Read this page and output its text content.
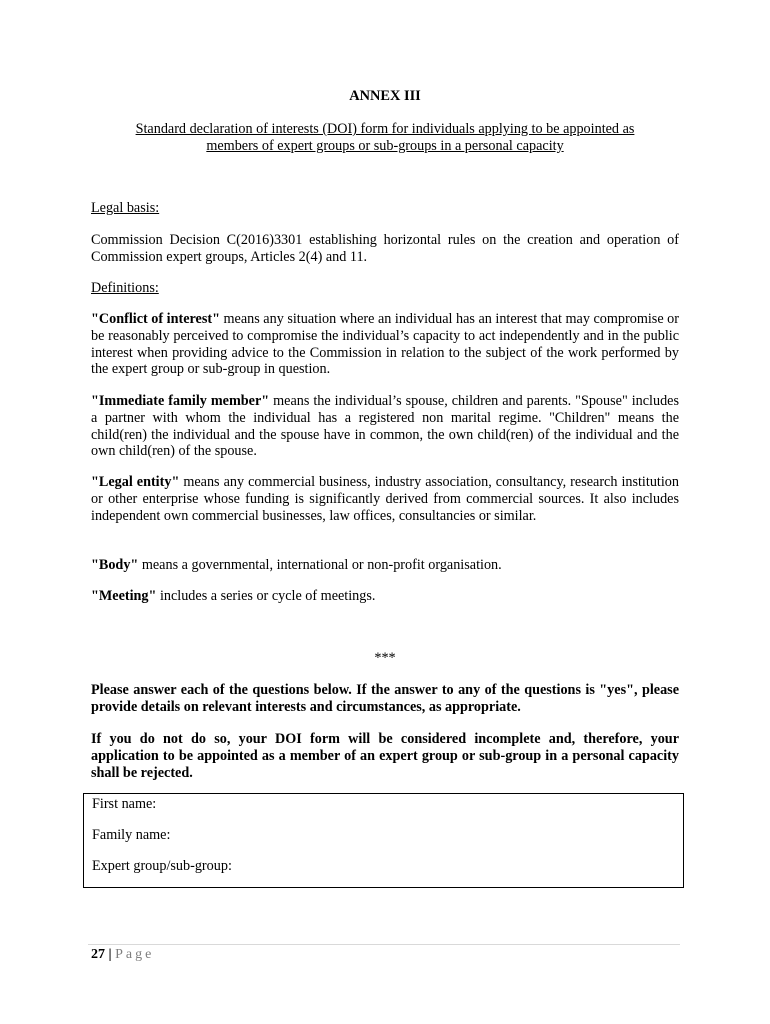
ANNEX III
Standard declaration of interests (DOI) form for individuals applying to be appointed as
members of expert groups or sub-groups in a personal capacity
Legal basis:

Commission Decision C(2016)3301 establishing horizontal rules on the creation and operation of Commission expert groups, Articles 2(4) and 11.

Definitions:

"Conflict of interest" means any situation where an individual has an interest that may compromise or be reasonably perceived to compromise the individual’s capacity to act independently and in the public interest when providing advice to the Commission in relation to the subject of the work performed by the expert group or sub-group in question.

"Immediate family member" means the individual’s spouse, children and parents. "Spouse" includes a partner with whom the individual has a registered non marital regime. "Children" means the child(ren) the individual and the spouse have in common, the own child(ren) of the individual and the own child(ren) of the spouse.

"Legal entity" means any commercial business, industry association, consultancy, research institution or other enterprise whose funding is significantly derived from commercial sources. It also includes independent own commercial businesses, law offices, consultancies or similar.

"Body" means a governmental, international or non-profit organisation.

"Meeting" includes a series or cycle of meetings.

***

Please answer each of the questions below. If the answer to any of the questions is "yes", please provide details on relevant interests and circumstances, as appropriate.

If you do not do so, your DOI form will be considered incomplete and, therefore, your application to be appointed as a member of an expert group or sub-group in a personal capacity shall be rejected.

First name:
Family name:
Expert group/sub-group:
27 | Page
